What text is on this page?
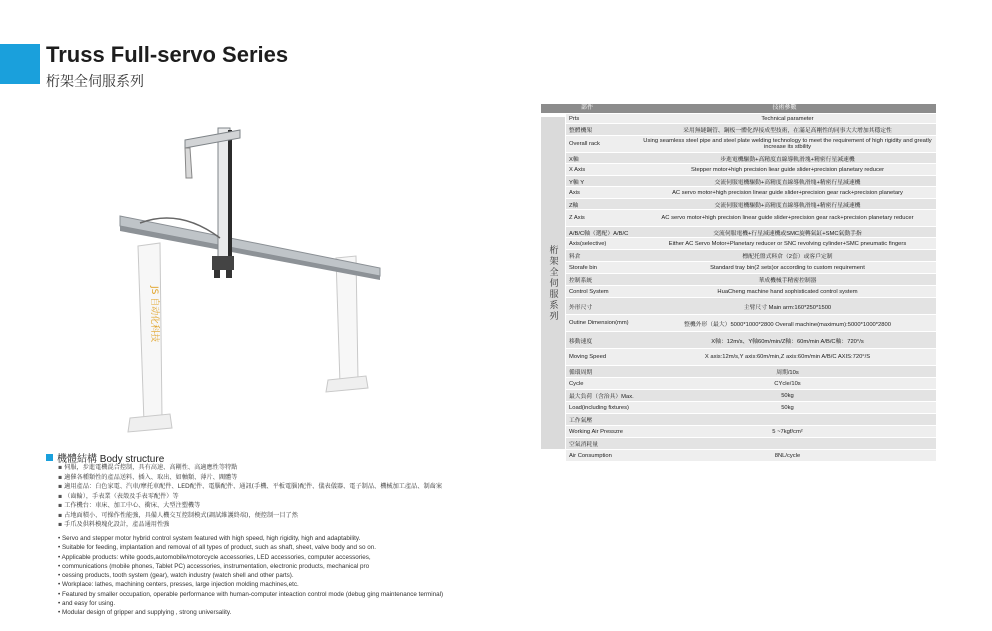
Truss Full-servo Series

桁架全伺服系列

JS 自动化科技
機體結構 Body structure
▪ 伺服，步進電機混合控制，具有高速、高剛性、高適應性等特點
▪ 適催各種類性的產品送料、插入、取出、如軸類、薄片、閥體等
▪ 適用產品：白色家電、汽車/摩托車配件、LED配件、電腦配件、通訊(手機、平板電腦)配件、儀表儀器、電子制品、機械加工產品、制齒案
▪ （齒輪），手表業（表殼及手表零配件）等
▪ 工作機台：車床、加工中心、衝床、大型注塑機等
▪ 占地面積小、可操作性能強，具備人機交互控制模式(調試維護終端)，便控制一目了然
▪ 手爪及供料模塊化設計，產品通用性強
• Servo and stepper motor hybrid control system featured with high speed, high rigidity, high and adaptability.
• Suitable for feeding, implantation and removal of all types of product, such as shaft, sheet, valve body and so on.
• Applicable products: white goods,automobile/motorcycle accessories, LED accessories, computer accessories,
• communications (mobile phones, Tablet PC) accessories, instrumentation, electronic products, mechanical pro
• cessing products, tooth system (gear), watch industry (watch shell and other parts).
• Workplace: lathes, machining centers, presses, large injection molding machines,etc.
• Featured by smaller occupation, operable performance with human-computer inteaction control mode (debug ging maintenance terminal)
• and easy for using.
• Modular design of gripper and supplying , strong universality.
部件	技術參數
桁架全伺服系列
Prts	Technical parameter
整體機架	采用無縫鋼管、鋼板一體化焊接成型技術，在滿足高剛性的同事大大增加其穩定性
Overall rack	Using seamless steel pipe and steel plate welding technology to meet the requirement of high rigidity and greatly increase its stbility
X軸	步進電機驅動+高精度直線導軌滑塊+精密行星減速機
X Axis	Stepper motor+high precision liear guide slider+precision planetary reducer
Y軸 Y	交流伺服電機驅動+高精度直線導軌滑塊+精密行星減速機
Axis	AC servo motor+high precision linear guide slider+precision gear rack+precision planetary
Z軸	交流伺服電機驅動+高精度直線導軌滑塊+精密行星減速機
Z Axis	AC servo motor+high precision linear guide slider+precision gear rack+precision planetary reducer
A/B/C軸（選配）A/B/C	交流伺服電機+行星減速機或SMC旋轉氣缸+SMC氣動手指
Axis(selective)	Either AC Servo Motor+Planetary reducer or SNC revolving cylinder+SMC pneumatic fingers
料倉	標配托盤式料倉（2套）或客戶定制
Storafe bin	Standard tray bin(2 sets)or according to custom requirement
控制系統	華成機械手精密控制器
Control System	HuaCheng machine hand sophisticated control system
外形尺寸	主臂尺寸 Main arm:160*250*1500
Outine Dimension(mm)	整機外形（最大）5000*1000*2800 Overall machine(maximum):5000*1000*2800
移動速度	X軸：12m/s、Y軸60m/min/Z軸：60m/min A/B/C軸：720°/s
Moving Speed	X axis:12m/s,Y axis:60m/min,Z axis:60m/min A/B/C AXIS:720°/S
循環周期	周期/10s
Cycle	CYcle/10s
最大負荷（含治具）Max.	50kg
Load(including fixtures)	50kg
工作氣壓
Working Air Presszre	5 ~7kgf/cm²
空氣消耗量
Air Consumption	8NL/cycle
